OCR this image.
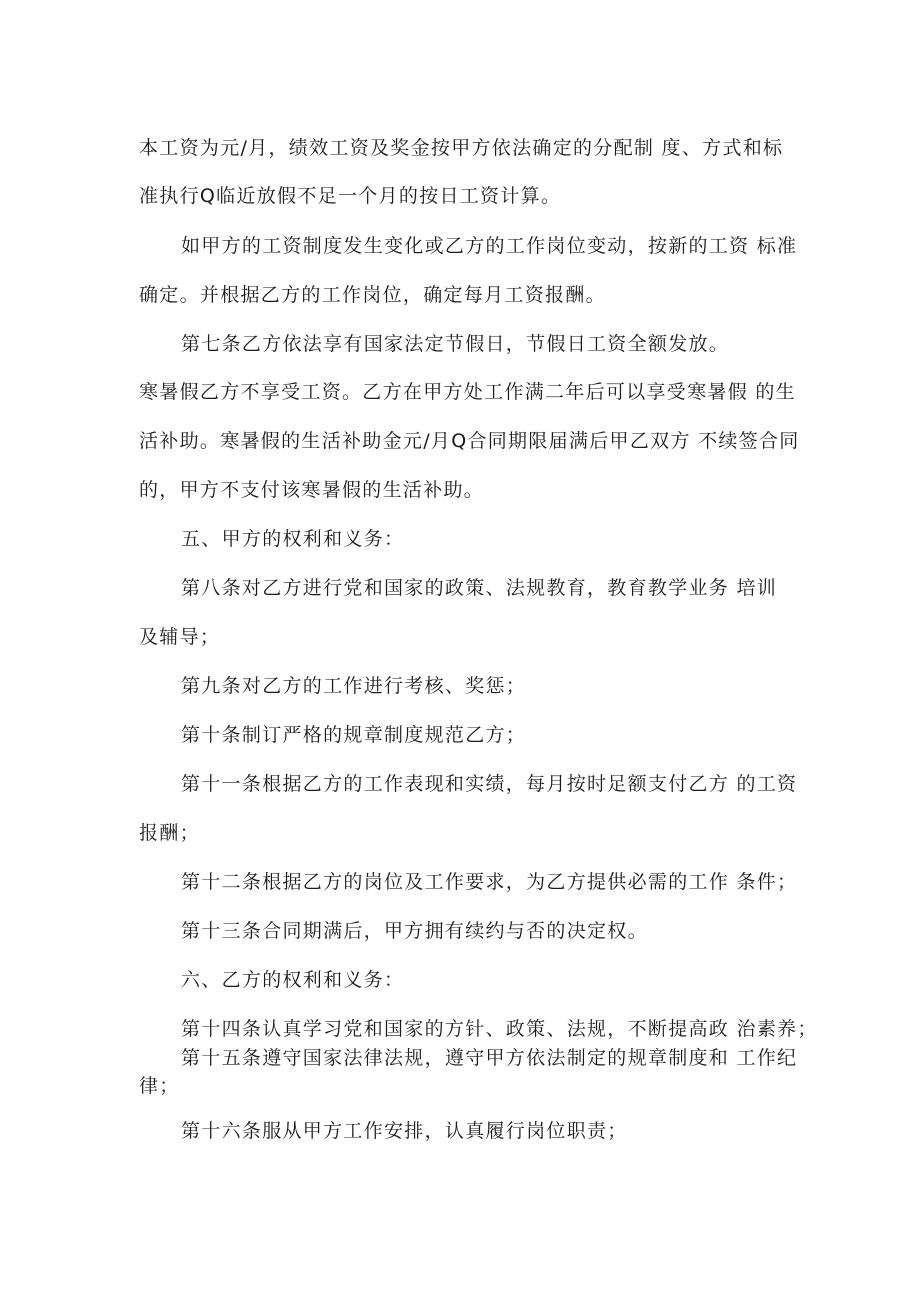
本工资为元/月，绩效工资及奖金按甲方依法确定的分配制 度、方式和标
准执行Q临近放假不足一个月的按日工资计算。
如甲方的工资制度发生变化或乙方的工作岗位变动，按新的工资 标准
确定。并根据乙方的工作岗位，确定每月工资报酬。
第七条乙方依法享有国家法定节假日，节假日工资全额发放。
寒暑假乙方不享受工资。乙方在甲方处工作满二年后可以享受寒暑假 的生
活补助。寒暑假的生活补助金元/月Q合同期限届满后甲乙双方 不续签合同
的，甲方不支付该寒暑假的生活补助。
五、甲方的权利和义务：
第八条对乙方进行党和国家的政策、法规教育，教育教学业务 培训
及辅导；
第九条对乙方的工作进行考核、奖惩；
第十条制订严格的规章制度规范乙方；
第十一条根据乙方的工作表现和实绩，每月按时足额支付乙方 的工资
报酬；
第十二条根据乙方的岗位及工作要求，为乙方提供必需的工作 条件；
第十三条合同期满后，甲方拥有续约与否的决定权。
六、乙方的权利和义务：
第十四条认真学习党和国家的方针、政策、法规，不断提高政 治素养；
第十五条遵守国家法律法规，遵守甲方依法制定的规章制度和 工作纪
律；
第十六条服从甲方工作安排，认真履行岗位职责；
